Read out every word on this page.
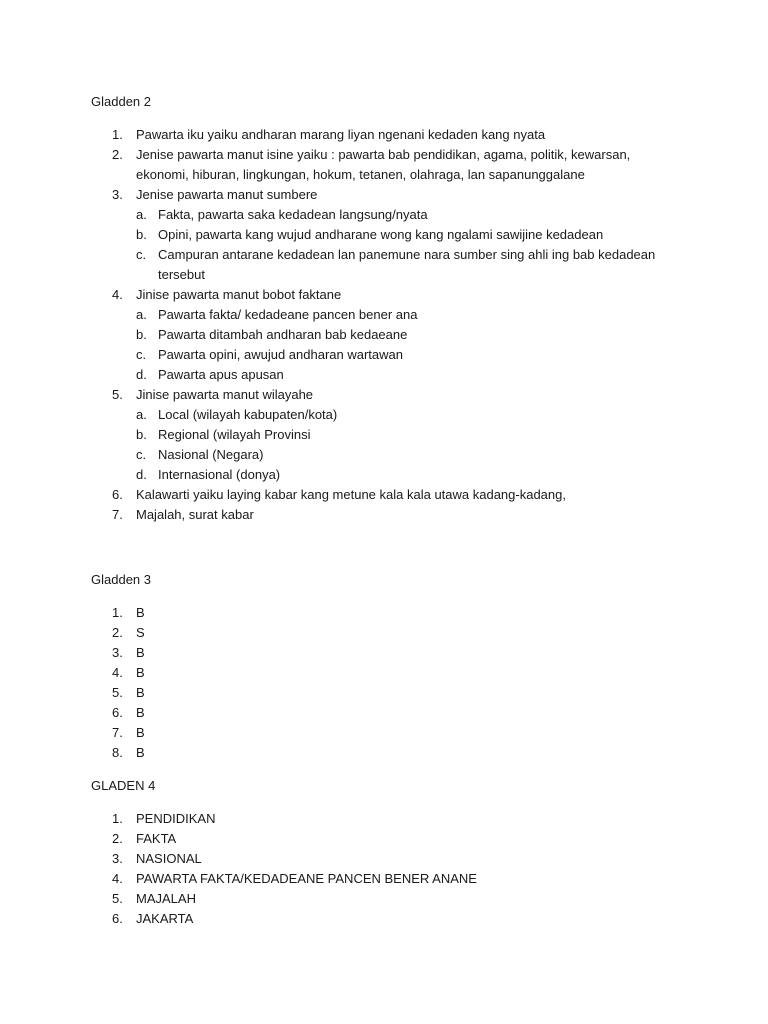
Gladden 2
1.	Pawarta iku yaiku andharan marang liyan ngenani kedaden kang nyata
2.	Jenise pawarta manut isine yaiku : pawarta bab pendidikan, agama, politik, kewarsan, ekonomi, hiburan, lingkungan, hokum, tetanen, olahraga, lan sapanunggalane
3.	Jenise pawarta manut sumbere
a. Fakta, pawarta saka kedadean langsung/nyata
b. Opini, pawarta kang wujud andharane wong kang ngalami sawijine kedadean
c. Campuran antarane kedadean lan panemune nara sumber sing ahli ing bab kedadean tersebut
4.	Jinise pawarta manut bobot faktane
a. Pawarta fakta/ kedadeane pancen bener ana
b. Pawarta ditambah andharan bab kedaeane
c. Pawarta opini, awujud andharan wartawan
d. Pawarta apus apusan
5.	Jinise pawarta manut wilayahe
a. Local (wilayah kabupaten/kota)
b. Regional (wilayah Provinsi
c. Nasional (Negara)
d. Internasional (donya)
6.	Kalawarti yaiku laying kabar kang metune kala kala utawa kadang-kadang,
7.	Majalah, surat kabar
Gladden 3
1.	B
2.	S
3.	B
4.	B
5.	B
6.	B
7.	B
8.	B
GLADEN 4
1.	PENDIDIKAN
2.	FAKTA
3.	NASIONAL
4.	PAWARTA FAKTA/KEDADEANE PANCEN BENER ANANE
5.	MAJALAH
6.	JAKARTA
